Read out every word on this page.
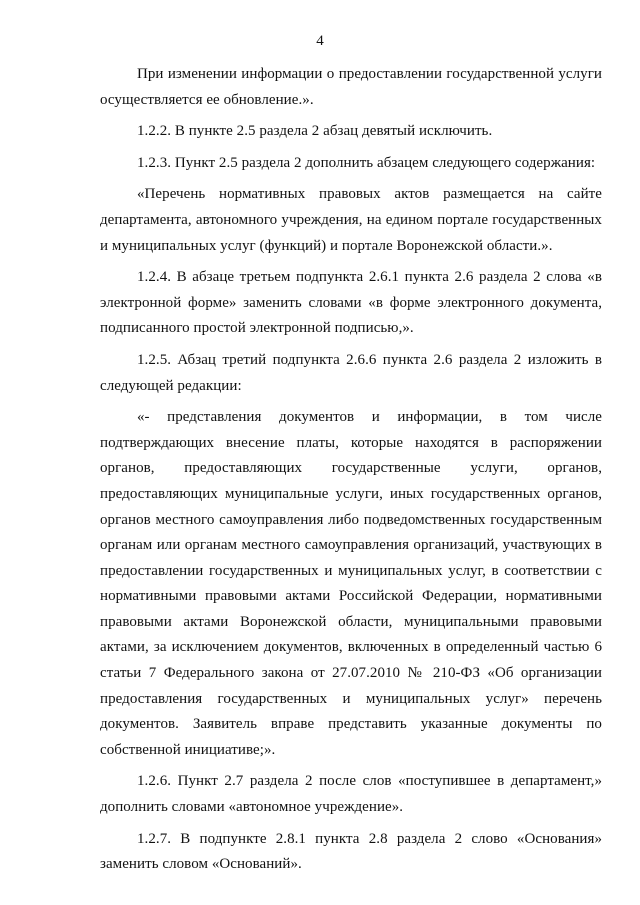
4

При изменении информации о предоставлении государственной услуги осуществляется ее обновление.».

1.2.2. В пункте 2.5 раздела 2 абзац девятый исключить.

1.2.3. Пункт 2.5 раздела 2 дополнить абзацем следующего содержания:

«Перечень нормативных правовых актов размещается на сайте департамента, автономного учреждения, на едином портале государственных и муниципальных услуг (функций) и портале Воронежской области.».

1.2.4. В абзаце третьем подпункта 2.6.1 пункта 2.6 раздела 2 слова «в электронной форме» заменить словами «в форме электронного документа, подписанного простой электронной подписью,».

1.2.5. Абзац третий подпункта 2.6.6 пункта 2.6 раздела 2 изложить в следующей редакции:

«- представления документов и информации, в том числе подтверждающих внесение платы, которые находятся в распоряжении органов, предоставляющих государственные услуги, органов, предоставляющих муниципальные услуги, иных государственных органов, органов местного самоуправления либо подведомственных государственным органам или органам местного самоуправления организаций, участвующих в предоставлении государственных и муниципальных услуг, в соответствии с нормативными правовыми актами Российской Федерации, нормативными правовыми актами Воронежской области, муниципальными правовыми актами, за исключением документов, включенных в определенный частью 6 статьи 7 Федерального закона от 27.07.2010 № 210-ФЗ «Об организации предоставления государственных и муниципальных услуг» перечень документов. Заявитель вправе представить указанные документы по собственной инициативе;».

1.2.6. Пункт 2.7 раздела 2 после слов «поступившее в департамент,» дополнить словами «автономное учреждение».

1.2.7. В подпункте 2.8.1 пункта 2.8 раздела 2 слово «Основания» заменить словом «Оснований».
